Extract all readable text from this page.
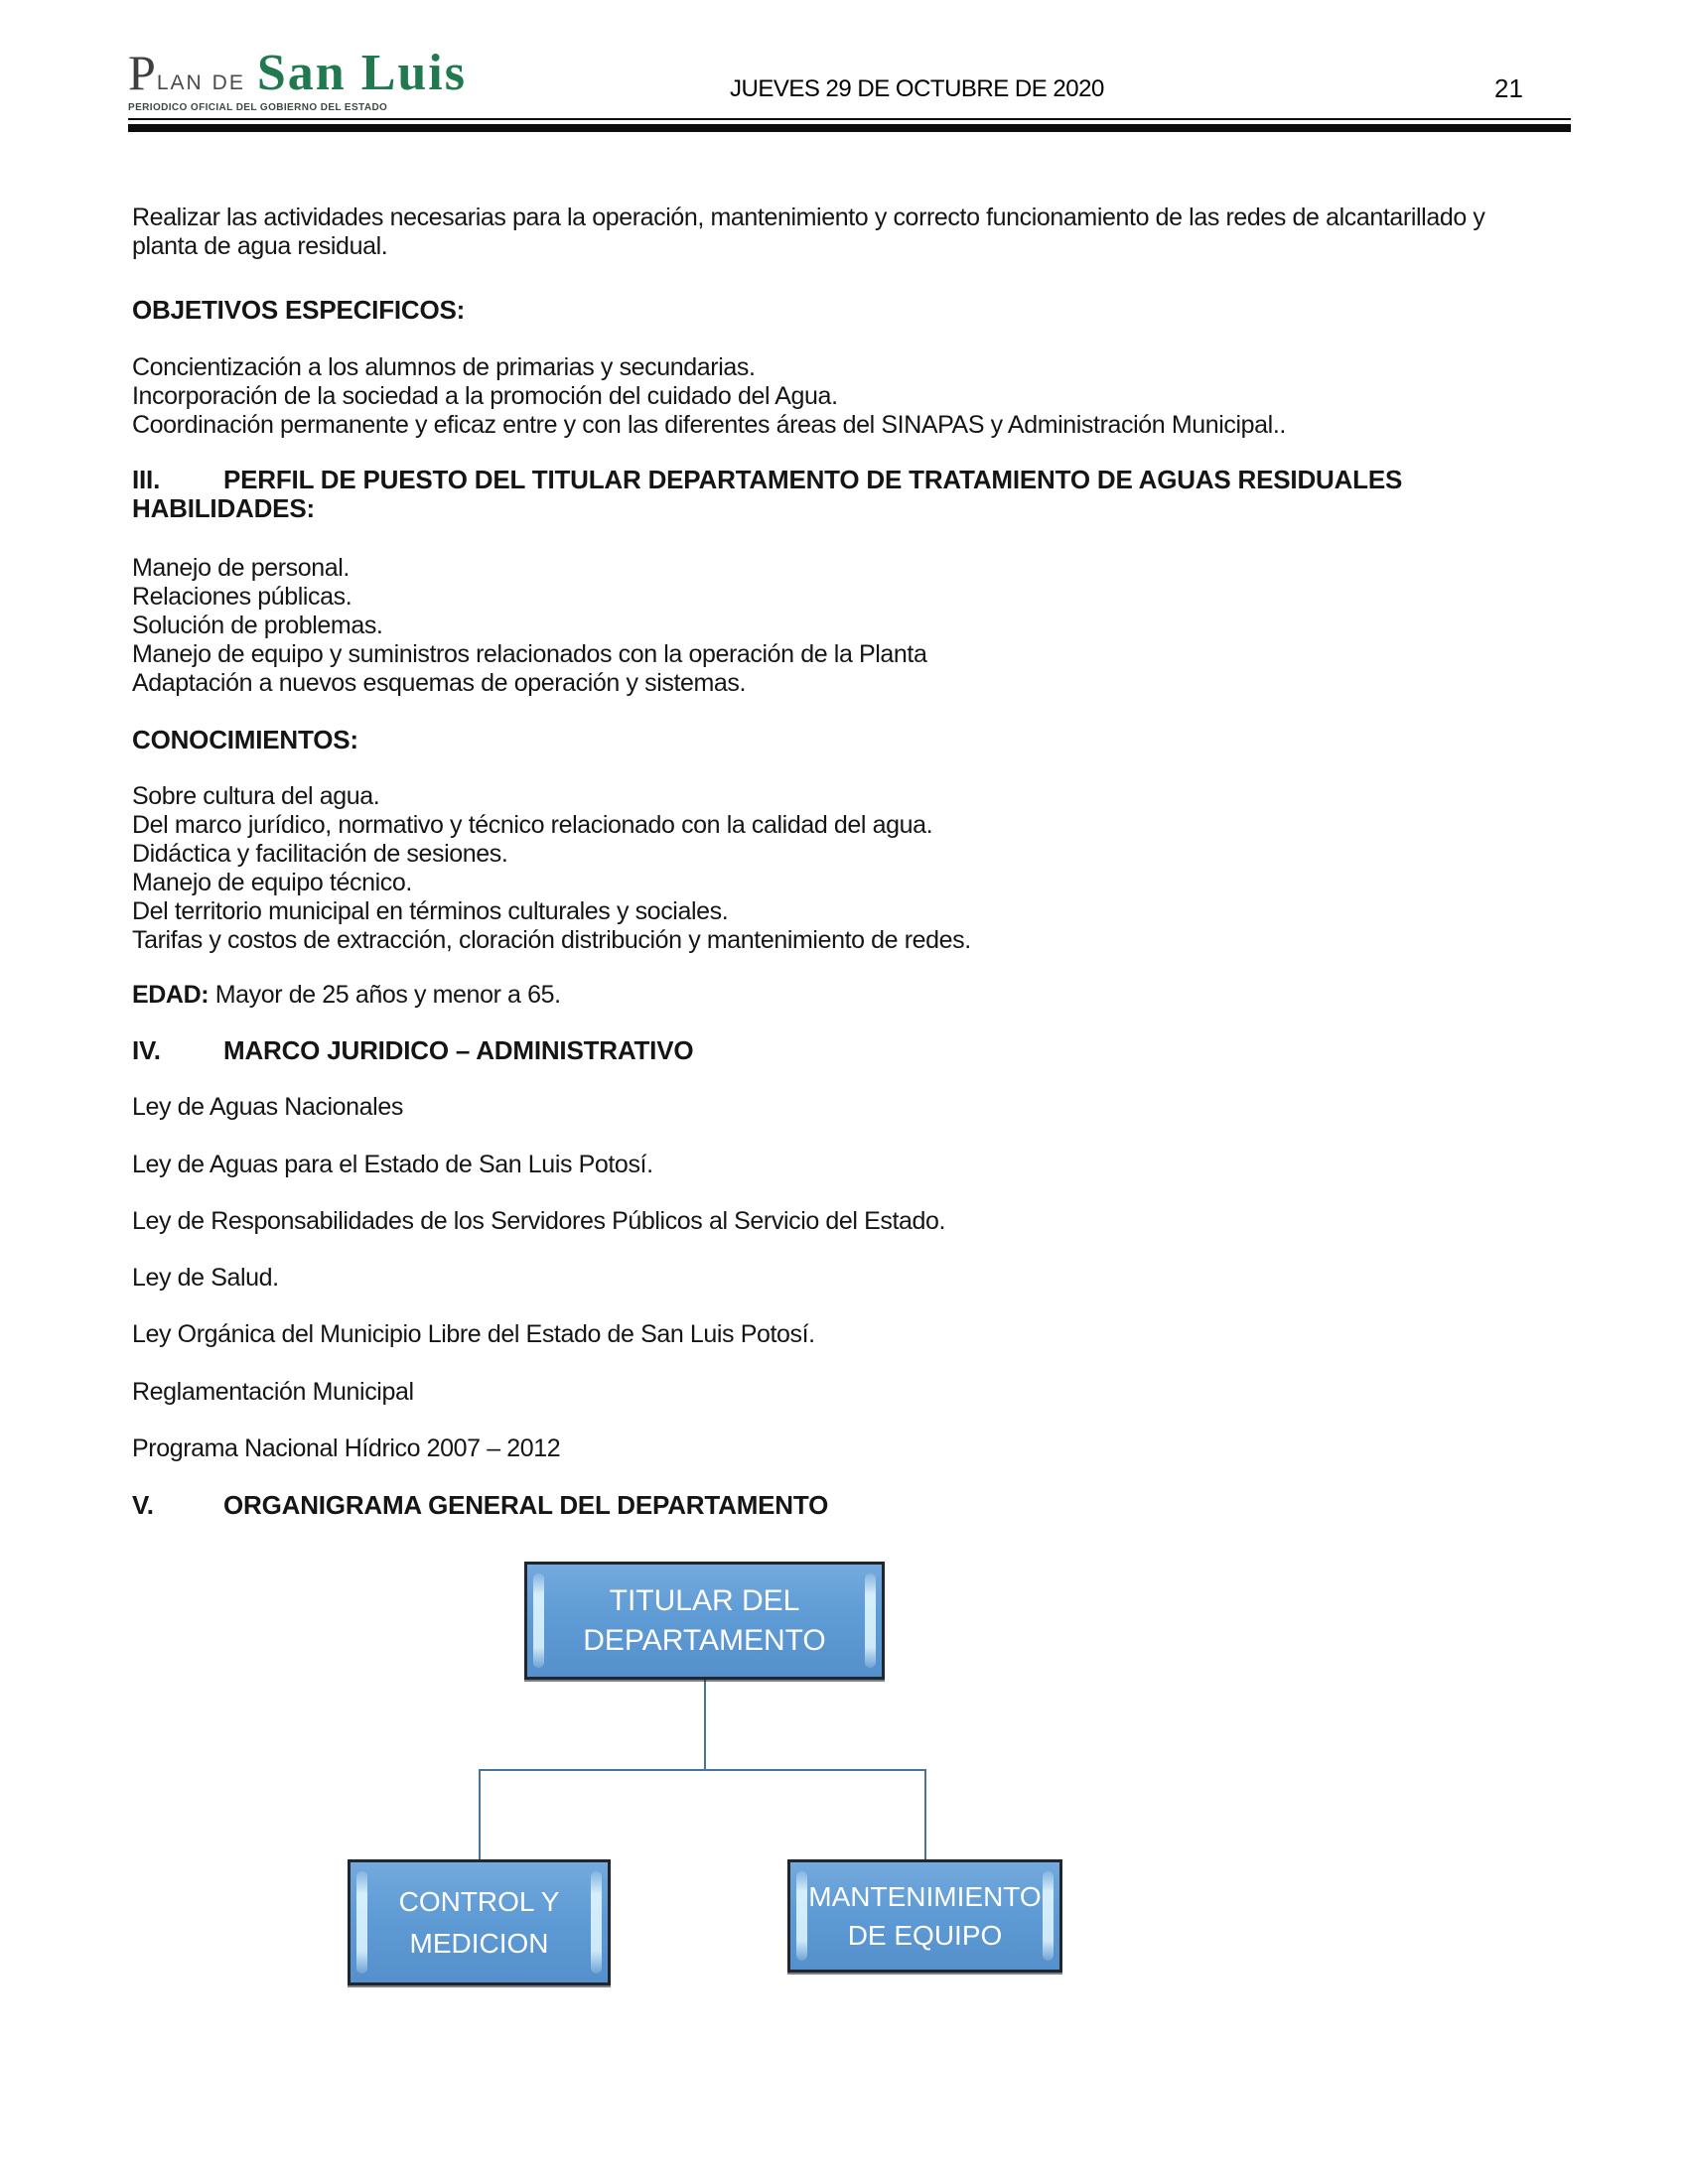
P LAN DE San Luis
PERIODICO OFICIAL DEL GOBIERNO DEL ESTADO
JUEVES 29 DE OCTUBRE DE 2020	21
Realizar las actividades necesarias para la operación, mantenimiento y correcto funcionamiento de las redes de alcantarillado y
planta de agua residual.
OBJETIVOS ESPECIFICOS:
Concientización a los alumnos de primarias y secundarias.
Incorporación de la sociedad a la promoción del cuidado del Agua.
Coordinación permanente y eficaz entre y con las diferentes áreas del SINAPAS y Administración Municipal..
III. PERFIL DE PUESTO DEL TITULAR DEPARTAMENTO DE TRATAMIENTO DE AGUAS RESIDUALES
HABILIDADES:
Manejo de personal.
Relaciones públicas.
Solución de problemas.
Manejo de equipo y suministros relacionados con la operación de la Planta
Adaptación a nuevos esquemas de operación y sistemas.
CONOCIMIENTOS:
Sobre cultura del agua.
Del marco jurídico, normativo y técnico relacionado con la calidad del agua.
Didáctica y facilitación de sesiones.
Manejo de equipo técnico.
Del territorio municipal en términos culturales y sociales.
Tarifas y costos de extracción, cloración distribución y mantenimiento de redes.
EDAD: Mayor de 25 años y menor a 65.
IV. MARCO JURIDICO – ADMINISTRATIVO
Ley de Aguas Nacionales
Ley de Aguas para el Estado de San Luis Potosí.
Ley de Responsabilidades de los Servidores Públicos al Servicio del Estado.
Ley de Salud.
Ley Orgánica del Municipio Libre del Estado de San Luis Potosí.
Reglamentación Municipal
Programa Nacional Hídrico 2007 – 2012
V.	ORGANIGRAMA GENERAL DEL DEPARTAMENTO
TITULAR DEL DEPARTAMENTO
CONTROL Y MEDICION
MANTENIMIENTO DE EQUIPO
